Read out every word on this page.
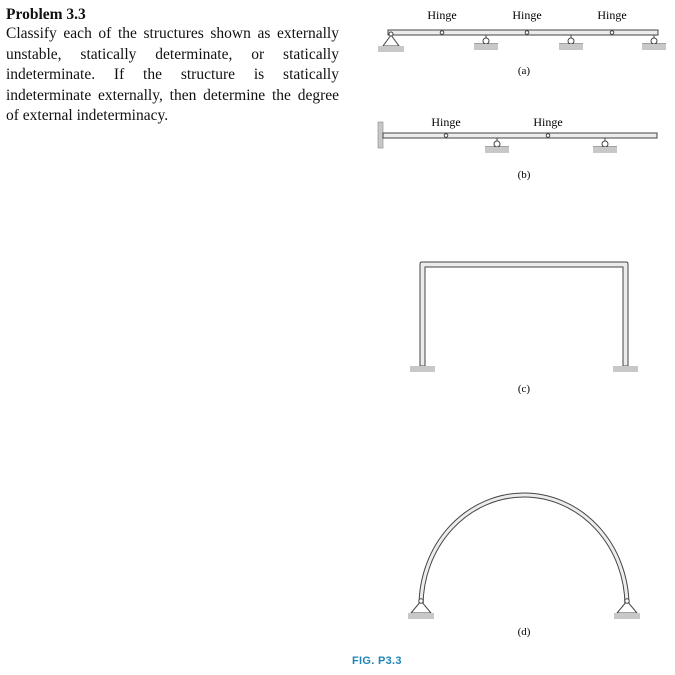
Problem 3.3

Classify each of the structures shown as externally unstable, statically determinate, or statically indeterminate. If the structure is statically indeterminate externally, then determine the degree of external indeterminacy.

Hinge	Hinge	Hinge
(a)
Hinge	Hinge
(b)
(c)
(d)
FIG. P3.3
